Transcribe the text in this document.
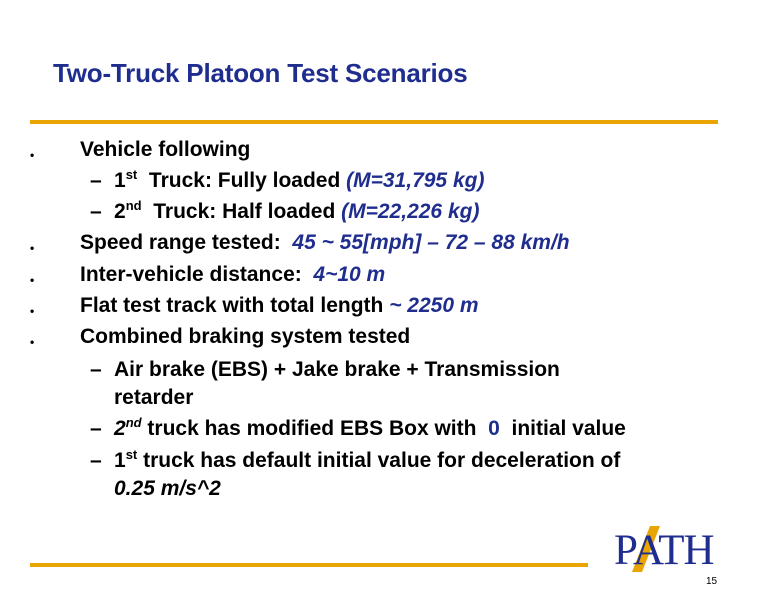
Two-Truck Platoon Test Scenarios
• Vehicle following
– 1st  Truck: Fully loaded (M=31,795 kg)
– 2nd  Truck: Half loaded (M=22,226 kg)
• Speed range tested:  45 ~ 55[mph] – 72 – 88 km/h
• Inter-vehicle distance:  4~10 m
• Flat test track with total length ~ 2250 m
• Combined braking system tested
– Air brake (EBS) + Jake brake + Transmission
retarder
– 2nd truck has modified EBS Box with  0  initial value
– 1st truck has default initial value for deceleration of
0.25 m/s^2
PATH
15
